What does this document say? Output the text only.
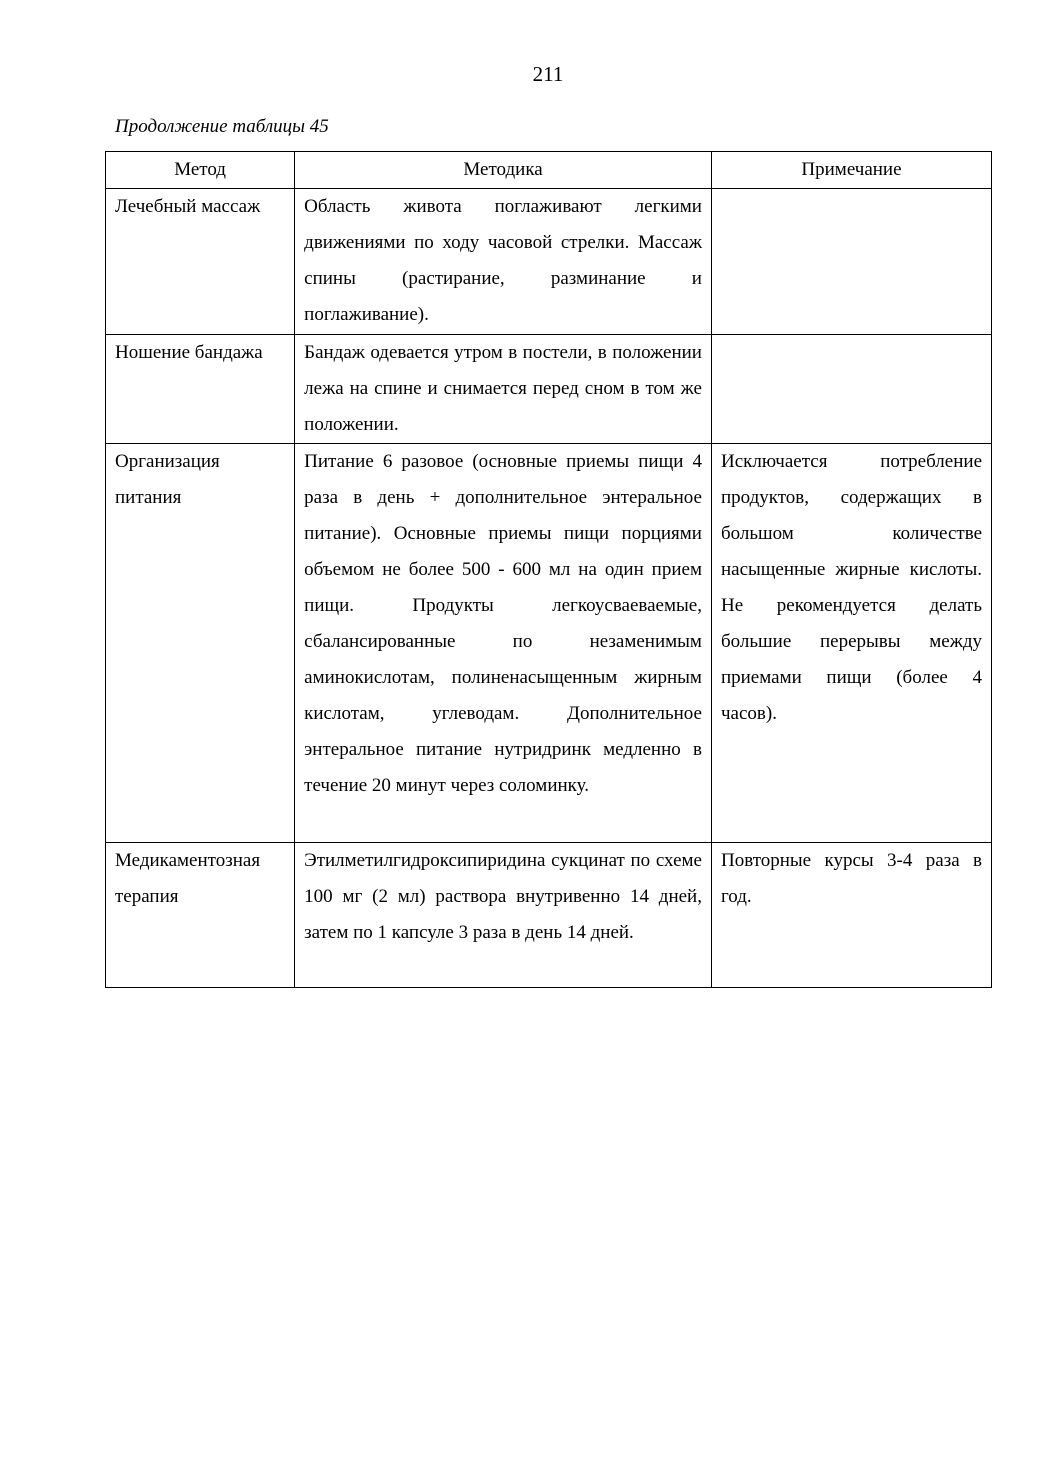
211
Продолжение таблицы 45
Метод	Методика	Примечание
Лечебный массаж	Область живота поглаживают легкими движениями по ходу часовой стрелки. Массаж спины (растирание, разминание и поглаживание).	
Ношение бандажа	Бандаж одевается утром в постели, в положении лежа на спине и снимается перед сном в том же положении.	
Организация питания	Питание 6 разовое (основные приемы пищи 4 раза в день + дополнительное энтеральное питание). Основные приемы пищи порциями объемом не более 500 - 600 мл на один прием пищи. Продукты легкоусваеваемые, сбалансированные по незаменимым аминокислотам, полиненасыщенным жирным кислотам, углеводам. Дополнительное энтеральное питание нутридринк медленно в течение 20 минут через соломинку.	Исключается потребление продуктов, содержащих в большом количестве насыщенные жирные кислоты. Не рекомендуется делать большие перерывы между приемами пищи (более 4 часов).
Медикаментозная терапия	Этилметилгидроксипиридина сукцинат по схеме 100 мг (2 мл) раствора внутривенно 14 дней, затем по 1 капсуле 3 раза в день 14 дней.	Повторные курсы 3-4 раза в год.
